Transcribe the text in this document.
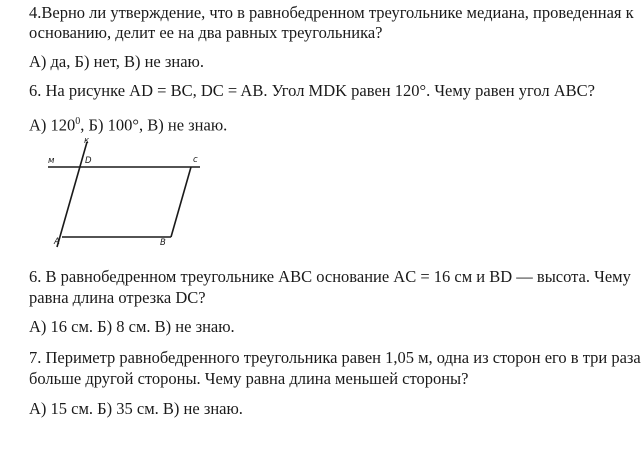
4.Верно ли утверждение, что в равнобедренном треугольнике медиана, проведенная к

основанию, делит ее на два равных треугольника?

А) да, Б) нет, В) не знаю.

6. На рисунке AD = BC, DC = AB. Угол MDK равен 120°. Чему равен угол ABC?

А) $120^0$, Б) 100°, В) не знаю.

к
м	D	с
A	B

6. В равнобедренном треугольнике ABC основание AC = 16 см и BD — высота. Чему

равна длина отрезка DC?

А) 16 см. Б) 8 см. В) не знаю.

7. Периметр равнобедренного треугольника равен 1,05 м, одна из сторон его в три раза

больше другой стороны. Чему равна длина меньшей стороны?

А) 15 см. Б) 35 см. В) не знаю.
